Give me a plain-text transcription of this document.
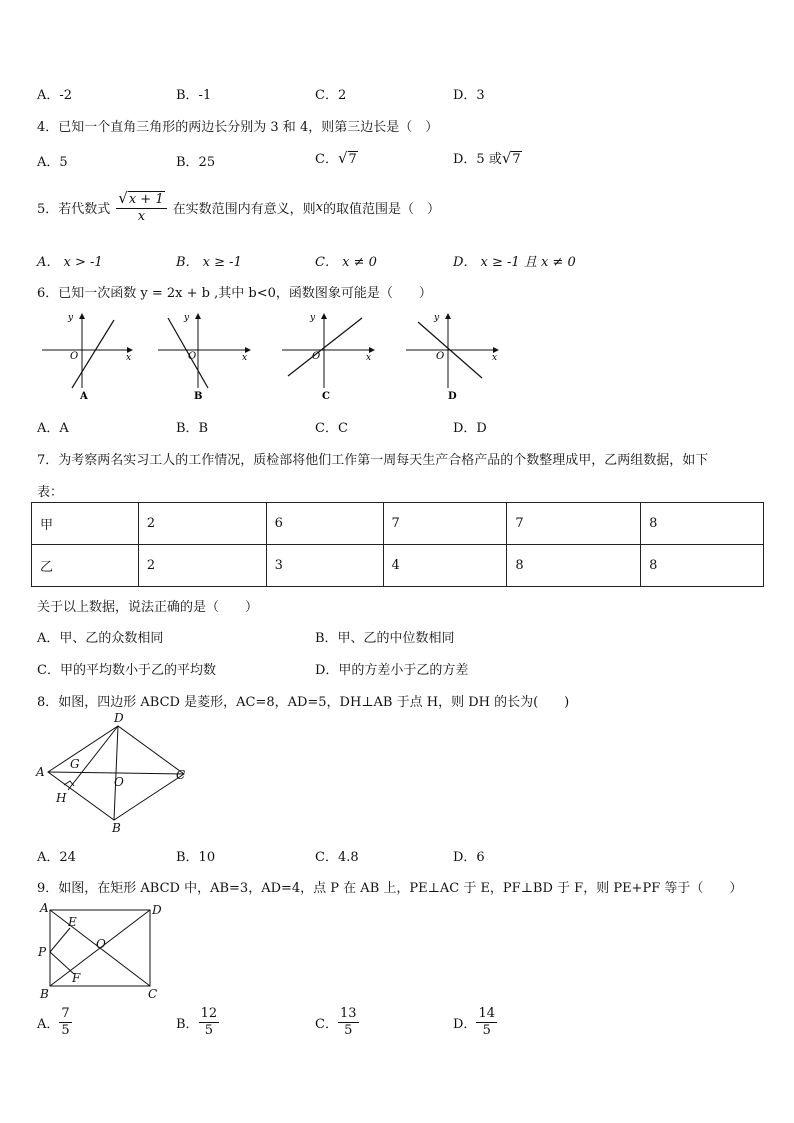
A．-2	B．-1	C．2	D．3
4．已知一个直角三角形的两边长分别为 3 和 4，则第三边长是（　）
A．5	B．25	C．√7	D．5 或√7
5．若代数式 $\frac{√x + 1}{x}$ 在实数范围内有意义，则 x 的取值范围是（　）
A． x > -1	B． x ≥ -1	C． x ≠ 0	D． x ≥ -1 且 x ≠ 0
6．已知一次函数 y = 2x + b ,其中 b<0，函数图象可能是（　　）
y
x
O
A
y
x
O
B
y
x
O
C
y
x
O
D
A．A	B．B	C．C	D．D
7．为考察两名实习工人的工作情况，质检部将他们工作第一周每天生产合格产品的个数整理成甲，乙两组数据，如下
表：
甲	2	6	7	7	8
乙	2	3	4	8	8
关于以上数据，说法正确的是（　　）
A．甲、乙的众数相同	B．甲、乙的中位数相同
C．甲的平均数小于乙的平均数	D．甲的方差小于乙的方差
8．如图，四边形 ABCD 是菱形，AC=8，AD=5，DH⊥AB 于点 H，则 DH 的长为(　　)
D
A
G
O	C
H
B
A．24	B．10	C．4.8	D．6
9．如图，在矩形 ABCD 中，AB=3，AD=4，点 P 在 AB 上，PE⊥AC 于 E，PF⊥BD 于 F，则 PE+PF 等于（　　）
A	D
E
O
P
F
B	C
A． $\frac{7}{5}$	B． $\frac{12}{5}$	C． $\frac{13}{5}$	D． $\frac{14}{5}$
